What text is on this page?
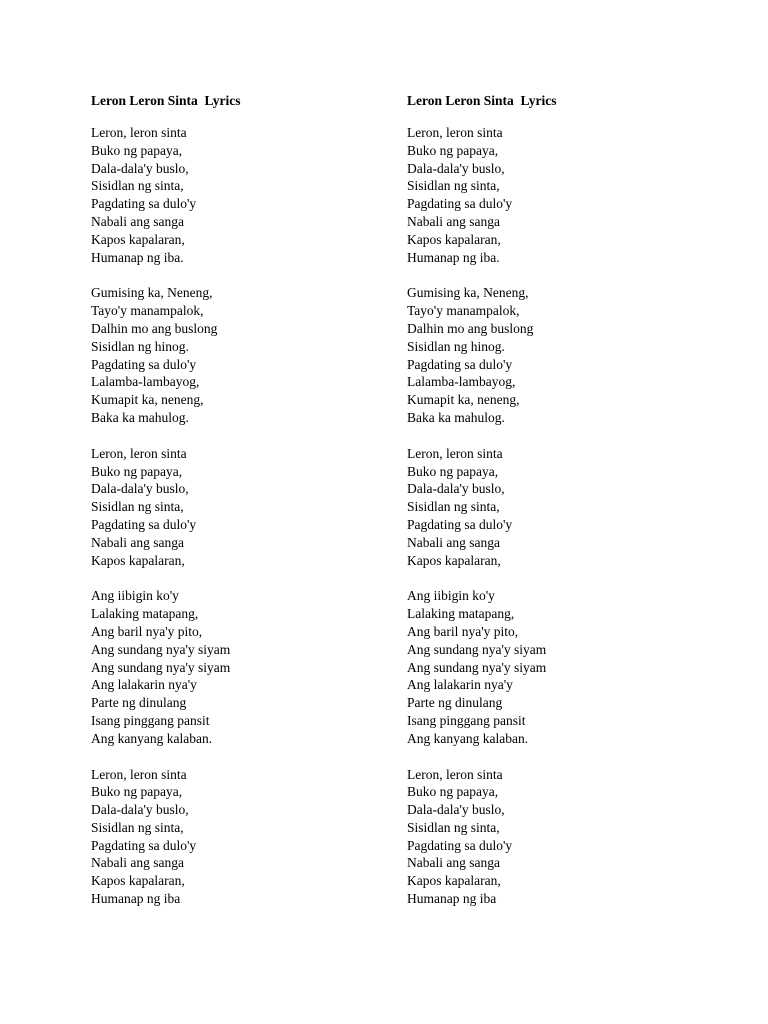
Leron Leron Sinta  Lyrics
Leron, leron sinta
Buko ng papaya,
Dala-dala'y buslo,
Sisidlan ng sinta,
Pagdating sa dulo'y
Nabali ang sanga
Kapos kapalaran,
Humanap ng iba.
Gumising ka, Neneng,
Tayo'y manampalok,
Dalhin mo ang buslong
Sisidlan ng hinog.
Pagdating sa dulo'y
Lalamba-lambayog,
Kumapit ka, neneng,
Baka ka mahulog.
Leron, leron sinta
Buko ng papaya,
Dala-dala'y buslo,
Sisidlan ng sinta,
Pagdating sa dulo'y
Nabali ang sanga
Kapos kapalaran,
Ang iibigin ko'y
Lalaking matapang,
Ang baril nya'y pito,
Ang sundang nya'y siyam
Ang sundang nya'y siyam
Ang lalakarin nya'y
Parte ng dinulang
Isang pinggang pansit
Ang kanyang kalaban.
Leron, leron sinta
Buko ng papaya,
Dala-dala'y buslo,
Sisidlan ng sinta,
Pagdating sa dulo'y
Nabali ang sanga
Kapos kapalaran,
Humanap ng iba
Leron Leron Sinta  Lyrics
Leron, leron sinta
Buko ng papaya,
Dala-dala'y buslo,
Sisidlan ng sinta,
Pagdating sa dulo'y
Nabali ang sanga
Kapos kapalaran,
Humanap ng iba.
Gumising ka, Neneng,
Tayo'y manampalok,
Dalhin mo ang buslong
Sisidlan ng hinog.
Pagdating sa dulo'y
Lalamba-lambayog,
Kumapit ka, neneng,
Baka ka mahulog.
Leron, leron sinta
Buko ng papaya,
Dala-dala'y buslo,
Sisidlan ng sinta,
Pagdating sa dulo'y
Nabali ang sanga
Kapos kapalaran,
Ang iibigin ko'y
Lalaking matapang,
Ang baril nya'y pito,
Ang sundang nya'y siyam
Ang sundang nya'y siyam
Ang lalakarin nya'y
Parte ng dinulang
Isang pinggang pansit
Ang kanyang kalaban.
Leron, leron sinta
Buko ng papaya,
Dala-dala'y buslo,
Sisidlan ng sinta,
Pagdating sa dulo'y
Nabali ang sanga
Kapos kapalaran,
Humanap ng iba
